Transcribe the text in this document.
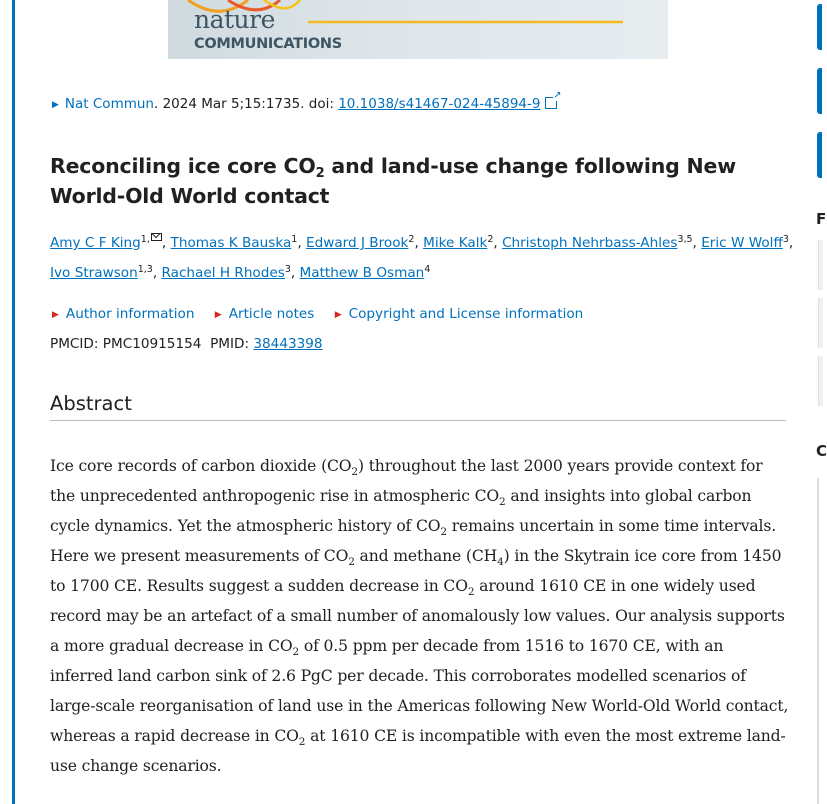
F
C
nature
COMMUNICATIONS
▶ Nat Commun. 2024 Mar 5;15:1735. doi: 10.1038/s41467-024-45894-9↗
Reconciling ice core $CO_2$ and land-use change following New World-Old World contact
Amy C F King$^{1,}$ , Thomas K Bauska$^1$, Edward J Brook$^2$, Mike Kalk$^2$, Christoph Nehrbass-Ahles$^{3,5}$, Eric W Wolff$^3$,
Ivo Strawson$^{1,3}$, Rachael H Rhodes$^3$, Matthew B Osman$^4$
▶ Author information ▶ Article notes ▶ Copyright and License information
PMCID: PMC10915154 PMID: 38443398
Abstract

Ice core records of carbon dioxide $(CO_2)$ throughout the last 2000 years provide context for the unprecedented anthropogenic rise in atmospheric $CO_2$ and insights into global carbon cycle dynamics. Yet the atmospheric history of $CO_2$ remains uncertain in some time intervals. Here we present measurements of $CO_2$ and methane $(CH_4)$ in the Skytrain ice core from 1450 to 1700 CE. Results suggest a sudden decrease in $CO_2$ around 1610 CE in one widely used record may be an artefact of a small number of anomalously low values. Our analysis supports a more gradual decrease in $CO_2$ of 0.5 ppm per decade from 1516 to 1670 CE, with an inferred land carbon sink of 2.6 PgC per decade. This corroborates modelled scenarios of large-scale reorganisation of land use in the Americas following New World-Old World contact, whereas a rapid decrease in $CO_2$ at 1610 CE is incompatible with even the most extreme land-use change scenarios.
